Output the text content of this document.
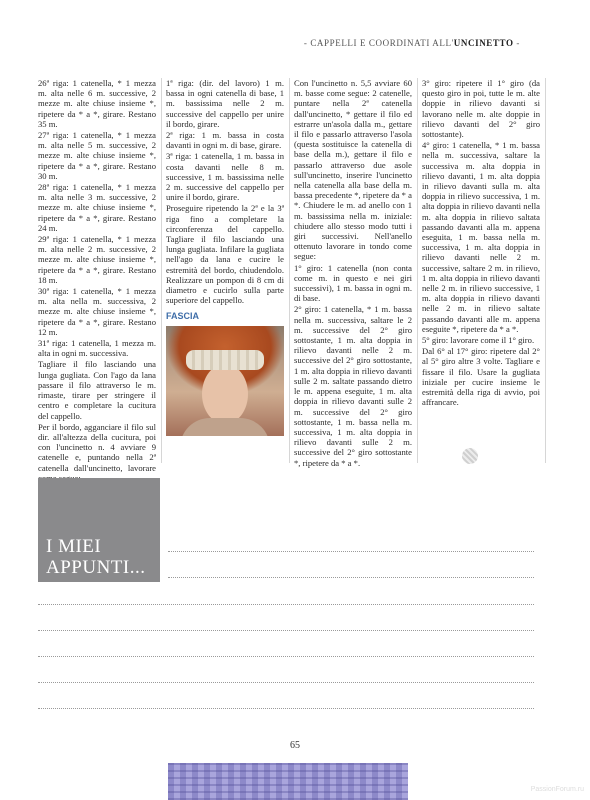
- CAPPELLI E COORDINATI ALL'UNCINETTO -

26ª riga: 1 catenella, * 1 mezza m. alta nelle 6 m. successive, 2 mezze m. alte chiuse insieme *, ripetere da * a *, girare. Restano 35 m.

27ª riga: 1 catenella, * 1 mezza m. alta nelle 5 m. successive, 2 mezze m. alte chiuse insieme *, ripetere da * a *, girare. Restano 30 m.

28ª riga: 1 catenella, * 1 mezza m. alta nelle 3 m. successive, 2 mezze m. alte chiuse insieme *, ripetere da * a *, girare. Restano 24 m.

29ª riga: 1 catenella, * 1 mezza m. alta nelle 2 m. successive, 2 mezze m. alte chiuse insieme *, ripetere da * a *, girare. Restano 18 m.

30ª riga: 1 catenella, * 1 mezza m. alta nella m. successiva, 2 mezze m. alte chiuse insieme *, ripetere da * a *, girare. Restano 12 m.

31ª riga: 1 catenella, 1 mezza m. alta in ogni m. successiva.

Tagliare il filo lasciando una lunga gugliata. Con l'ago da lana passare il filo attraverso le m. rimaste, tirare per stringere il centro e completare la cucitura del cappello.

Per il bordo, agganciare il filo sul dir. all'altezza della cucitura, poi con l'uncinetto n. 4 avviare 9 catenelle e, puntando nella 2ª catenella dall'uncinetto, lavorare

1ª riga: (dir. del lavoro) 1 m. bassa in ogni catenella di base, 1 m. bassissima nelle 2 m. successive del cappello per unire il bordo, girare.

2ª riga: 1 m. bassa in costa davanti in ogni m. di base, girare.

3ª riga: 1 catenella, 1 m. bassa in costa davanti nelle 8 m. successive, 1 m. bassissima nelle 2 m. successive del cappello per unire il bordo, girare.

Proseguire ripetendo la 2ª e la 3ª riga fino a completare la circonferenza del cappello. Tagliare il filo lasciando una lunga gugliata. Infilare la gugliata nell'ago da lana e cucire le estremità del bordo, chiudendolo. Realizzare un pompon di 8 cm di diametro e cucirlo sulla parte superiore del cappello.

FASCIA

Con l'uncinetto n. 5,5 avviare 60 m. basse come segue: 2 catenelle, puntare nella 2ª catenella dall'uncinetto, * gettare il filo ed estrarre un'asola dalla m., gettare il filo e passarlo attraverso l'asola (questa sostituisce la catenella di base della m.), gettare il filo e passarlo attraverso due asole sull'uncinetto, inserire l'uncinetto nella catenella alla base della m. bassa precedente *, ripetere da * a *. Chiudere le m. ad anello con 1 m. bassissima nella m. iniziale: chiudere allo stesso modo tutti i giri successivi. Nell'anello ottenuto lavorare in tondo come segue:

1° giro: 1 catenella (non conta come m. in questo e nei giri successivi), 1 m. bassa in ogni m. di base.

2° giro: 1 catenella, * 1 m. bassa nella m. successiva, saltare le 2 m. successive del 2° giro sottostante, 1 m. alta doppia in rilievo davanti nelle 2 m. successive del 2° giro sottostante, 1 m. alta doppia in rilievo davanti sulle 2 m. saltate passando dietro le m. appena eseguite, 1 m. alta doppia in rilievo davanti sulle 2 m. successive del 2° giro sottostante, 1 m. bassa nella m. successiva, 1 m. alta doppia in rilievo davanti sulle 2 m. successive del 2° giro sottostante *, ripetere da * a *.

3° giro: ripetere il 1° giro (da questo giro in poi, tutte le m. alte doppie in rilievo davanti si lavorano nelle m. alte doppie in rilievo davanti del 2° giro sottostante).

4° giro: 1 catenella, * 1 m. bassa nella m. successiva, saltare la successiva m. alta doppia in rilievo davanti, 1 m. alta doppia in rilievo davanti sulla m. alta doppia in rilievo successiva, 1 m. alta doppia in rilievo davanti nella m. alta doppia in rilievo saltata passando davanti alla m. appena eseguita, 1 m. bassa nella m. successiva, 1 m. alta doppia in rilievo davanti nelle 2 m. successive, saltare 2 m. in rilievo, 1 m. alta doppia in rilievo davanti nelle 2 m. in rilievo successive, 1 m. alta doppia in rilievo davanti nelle 2 m. in rilievo saltate passando davanti alle m. appena eseguite *, ripetere da * a *.

5° giro: lavorare come il 1° giro.

Dal 6° al 17° giro: ripetere dal 2° al 5° giro altre 3 volte. Tagliare e fissare il filo. Usare la gugliata iniziale per cucire insieme le estremità della riga di avvio, poi affrancare.

I MIEI
APPUNTI...
65
PassionForum.ru
